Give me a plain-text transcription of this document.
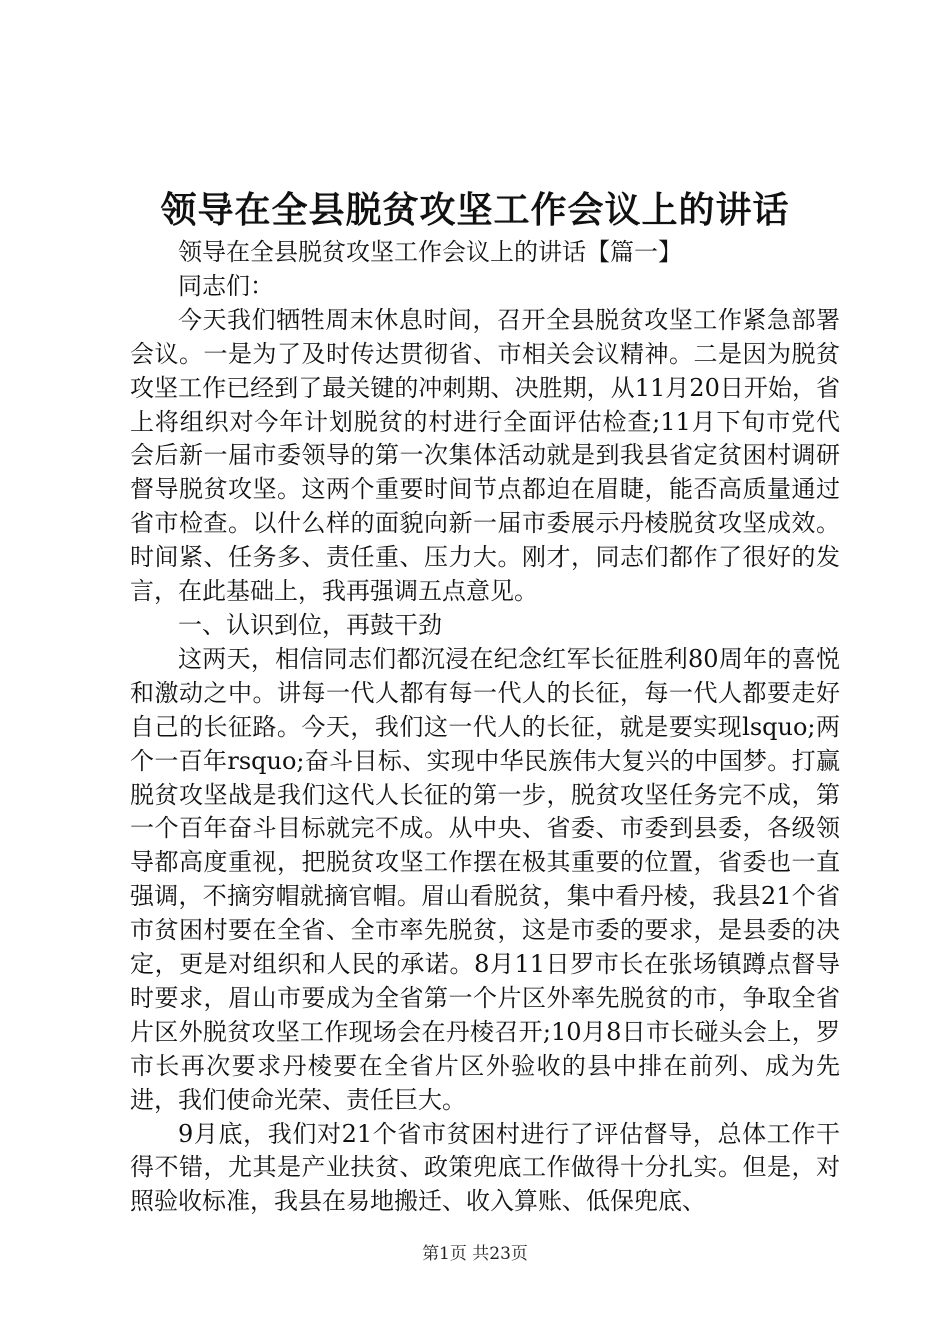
领导在全县脱贫攻坚工作会议上的讲话

领导在全县脱贫攻坚工作会议上的讲话【篇一】

同志们：

今天我们牺牲周末休息时间，召开全县脱贫攻坚工作紧急部署会议。一是为了及时传达贯彻省、市相关会议精神。二是因为脱贫攻坚工作已经到了最关键的冲刺期、决胜期，从11月20日开始，省上将组织对今年计划脱贫的村进行全面评估检查;11月下旬市党代会后新一届市委领导的第一次集体活动就是到我县省定贫困村调研督导脱贫攻坚。这两个重要时间节点都迫在眉睫，能否高质量通过省市检查。以什么样的面貌向新一届市委展示丹棱脱贫攻坚成效。时间紧、任务多、责任重、压力大。刚才，同志们都作了很好的发言，在此基础上，我再强调五点意见。

一、认识到位，再鼓干劲

这两天，相信同志们都沉浸在纪念红军长征胜利80周年的喜悦和激动之中。讲每一代人都有每一代人的长征，每一代人都要走好自己的长征路。今天，我们这一代人的长征，就是要实现lsquo;两个一百年rsquo;奋斗目标、实现中华民族伟大复兴的中国梦。打赢脱贫攻坚战是我们这代人长征的第一步，脱贫攻坚任务完不成，第一个百年奋斗目标就完不成。从中央、省委、市委到县委，各级领导都高度重视，把脱贫攻坚工作摆在极其重要的位置，省委也一直强调，不摘穷帽就摘官帽。眉山看脱贫，集中看丹棱，我县21个省市贫困村要在全省、全市率先脱贫，这是市委的要求，是县委的决定，更是对组织和人民的承诺。8月11日罗市长在张场镇蹲点督导时要求，眉山市要成为全省第一个片区外率先脱贫的市，争取全省片区外脱贫攻坚工作现场会在丹棱召开;10月8日市长碰头会上，罗市长再次要求丹棱要在全省片区外验收的县中排在前列、成为先进，我们使命光荣、责任巨大。

9月底，我们对21个省市贫困村进行了评估督导，总体工作干得不错，尤其是产业扶贫、政策兜底工作做得十分扎实。但是，对照验收标准，我县在易地搬迁、收入算账、低保兜底、

第1页 共23页
